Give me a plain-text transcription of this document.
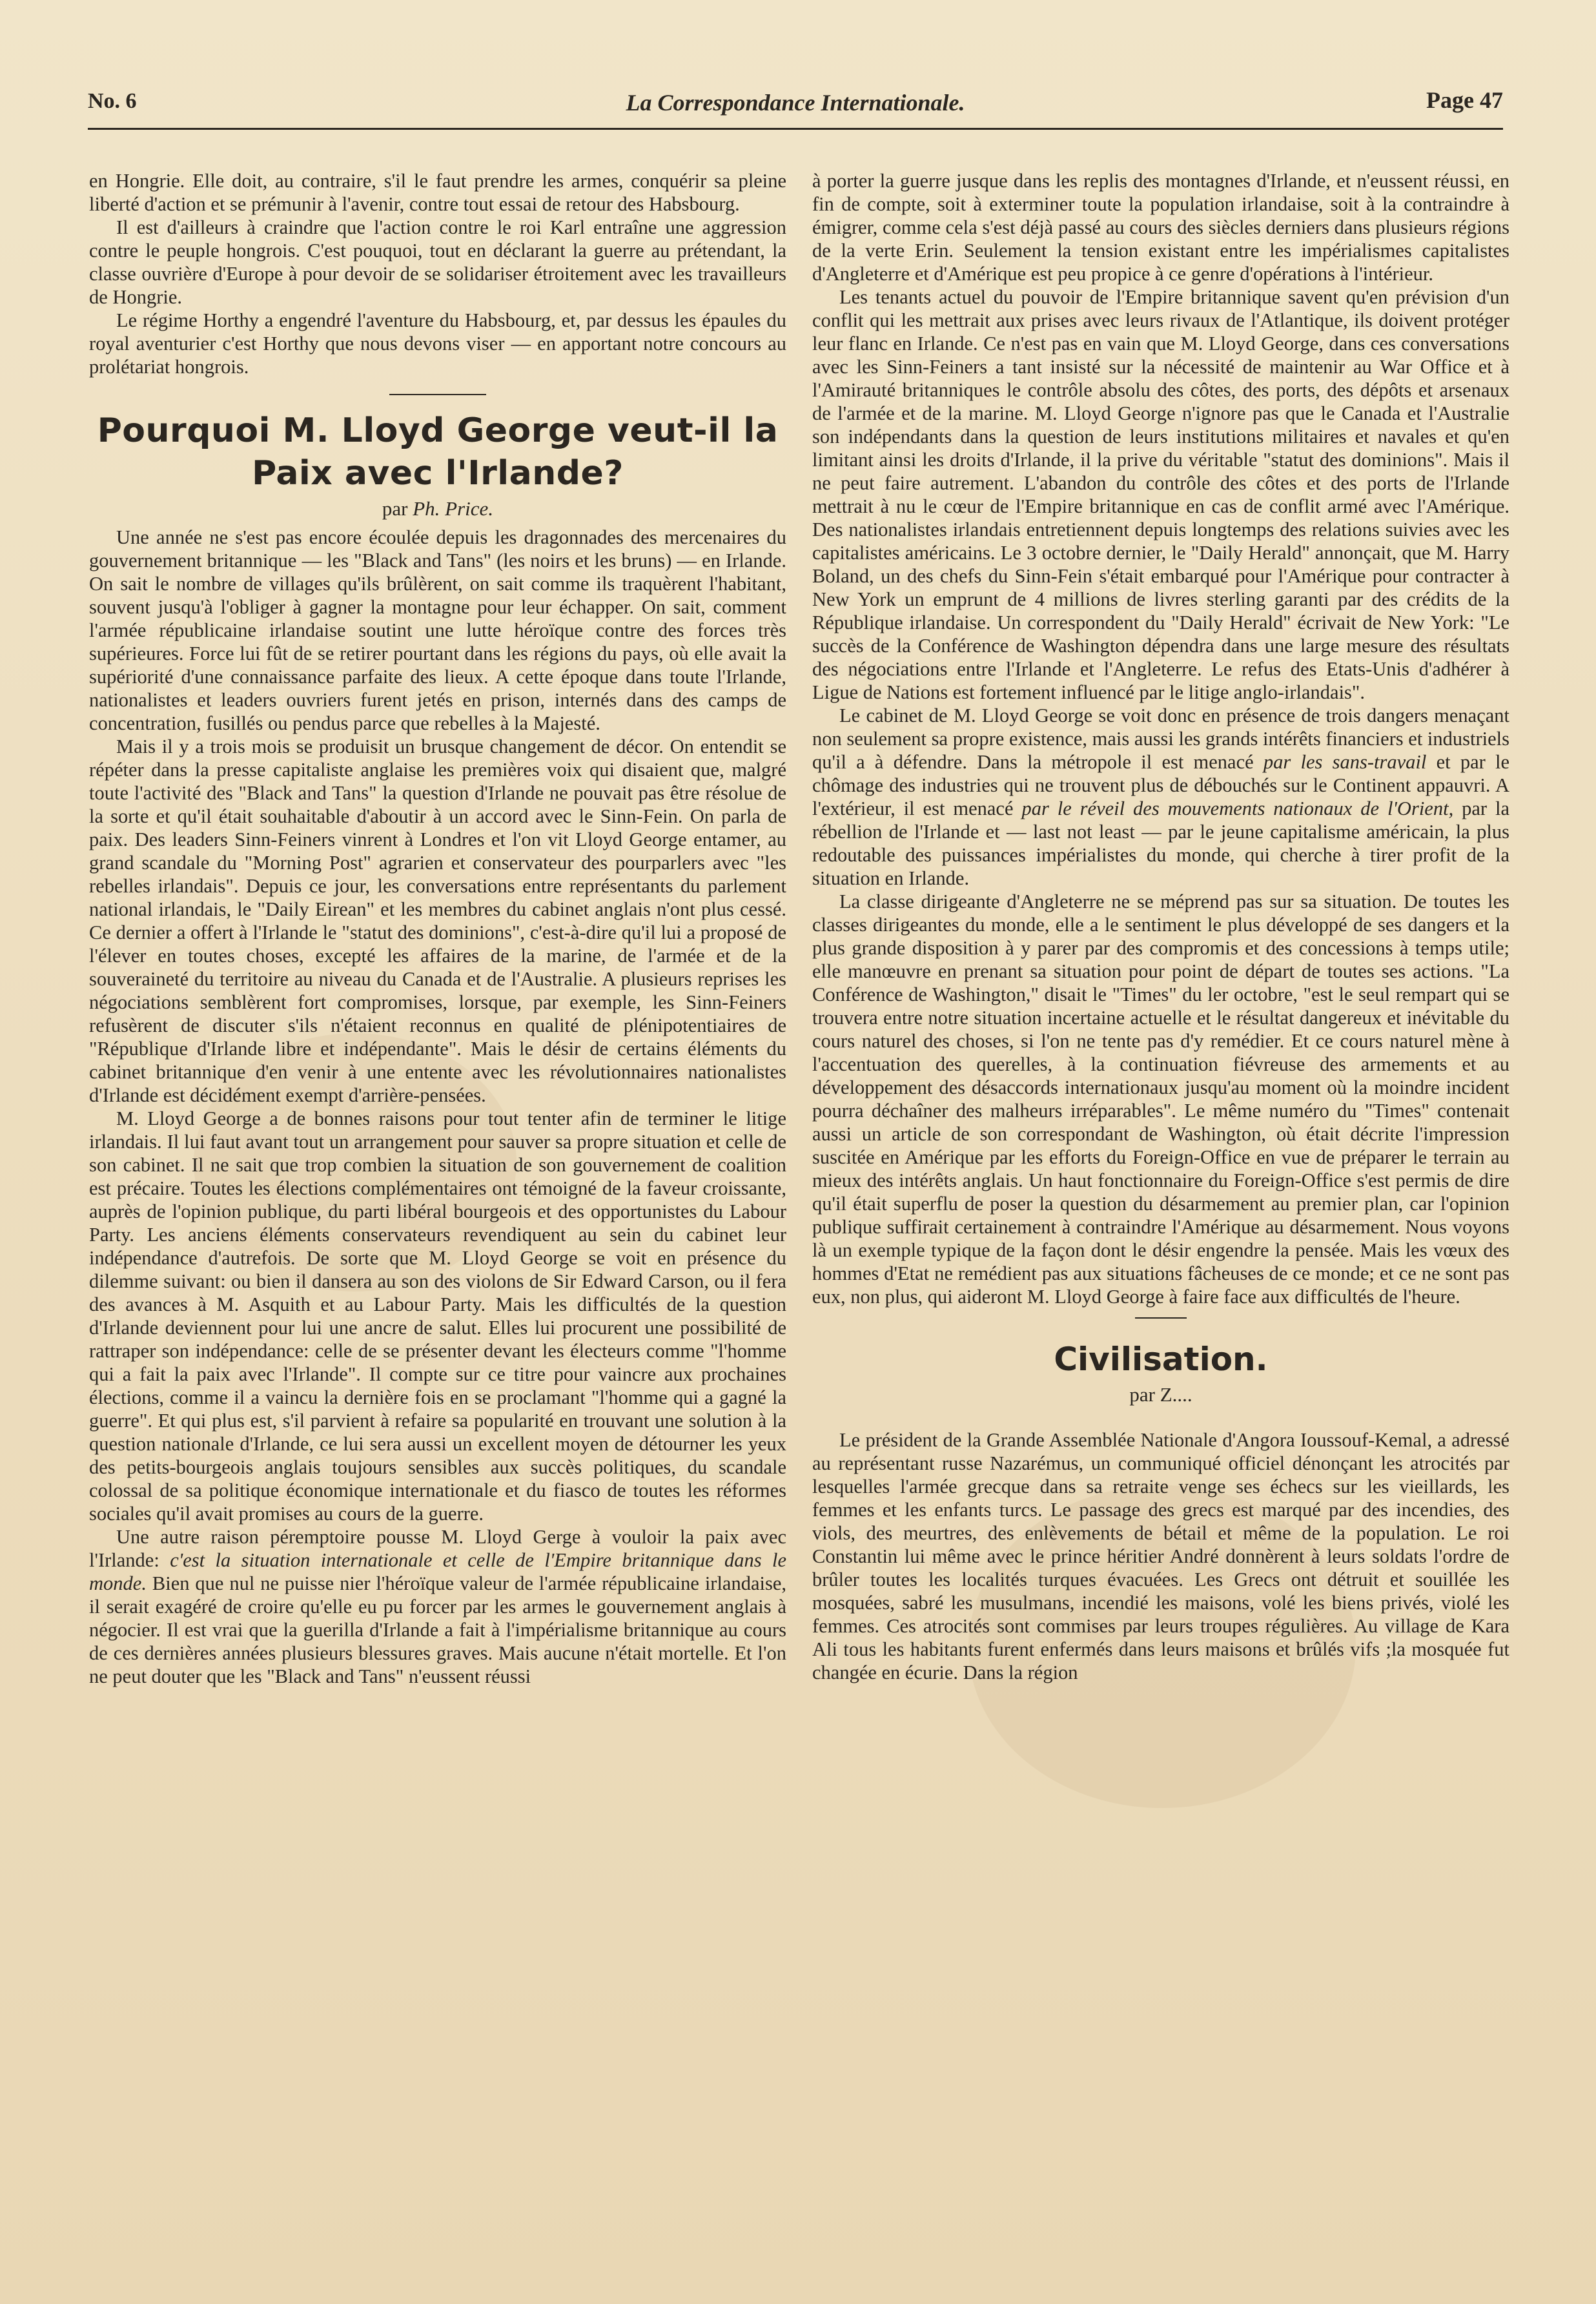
No. 6	La Correspondance Internationale.	Page 47

en Hongrie. Elle doit, au contraire, s'il le faut prendre les armes, conquérir sa pleine liberté d'action et se prémunir à l'avenir, contre tout essai de retour des Habsbourg.

Il est d'ailleurs à craindre que l'action contre le roi Karl entraîne une aggression contre le peuple hongrois. C'est pouquoi, tout en déclarant la guerre au prétendant, la classe ouvrière d'Europe à pour devoir de se solidariser étroitement avec les travailleurs de Hongrie.

Le régime Horthy a engendré l'aventure du Habsbourg, et, par dessus les épaules du royal aventurier c'est Horthy que nous devons viser — en apportant notre concours au prolétariat hongrois.

Pourquoi M. Lloyd George veut-il la Paix avec l'Irlande?
par Ph. Price.

Une année ne s'est pas encore écoulée depuis les dragonnades des mercenaires du gouvernement britannique — les "Black and Tans" (les noirs et les bruns) — en Irlande. On sait le nombre de villages qu'ils brûlèrent, on sait comme ils traquèrent l'habitant, souvent jusqu'à l'obliger à gagner la montagne pour leur échapper. On sait, comment l'armée républicaine irlandaise soutint une lutte héroïque contre des forces très supérieures. Force lui fût de se retirer pourtant dans les régions du pays, où elle avait la supériorité d'une connaissance parfaite des lieux. A cette époque dans toute l'Irlande, nationalistes et leaders ouvriers furent jetés en prison, internés dans des camps de concentration, fusillés ou pendus parce que rebelles à la Majesté.

Mais il y a trois mois se produisit un brusque changement de décor. On entendit se répéter dans la presse capitaliste anglaise les premières voix qui disaient que, malgré toute l'activité des "Black and Tans" la question d'Irlande ne pouvait pas être résolue de la sorte et qu'il était souhaitable d'aboutir à un accord avec le Sinn-Fein. On parla de paix. Des leaders Sinn-Feiners vinrent à Londres et l'on vit Lloyd George entamer, au grand scandale du "Morning Post" agrarien et conservateur des pourparlers avec "les rebelles irlandais". Depuis ce jour, les conversations entre représentants du parlement national irlandais, le "Daily Eirean" et les membres du cabinet anglais n'ont plus cessé. Ce dernier a offert à l'Irlande le "statut des dominions", c'est-à-dire qu'il lui a proposé de l'élever en toutes choses, excepté les affaires de la marine, de l'armée et de la souveraineté du territoire au niveau du Canada et de l'Australie. A plusieurs reprises les négociations semblèrent fort compromises, lorsque, par exemple, les Sinn-Feiners refusèrent de discuter s'ils n'étaient reconnus en qualité de plénipotentiaires de "République d'Irlande libre et indépendante". Mais le désir de certains éléments du cabinet britannique d'en venir à une entente avec les révolutionnaires nationalistes d'Irlande est décidément exempt d'arrière-pensées.

M. Lloyd George a de bonnes raisons pour tout tenter afin de terminer le litige irlandais. Il lui faut avant tout un arrangement pour sauver sa propre situation et celle de son cabinet. Il ne sait que trop combien la situation de son gouvernement de coalition est précaire. Toutes les élections complémentaires ont témoigné de la faveur croissante, auprès de l'opinion publique, du parti libéral bourgeois et des opportunistes du Labour Party. Les anciens éléments conservateurs revendiquent au sein du cabinet leur indépendance d'autrefois. De sorte que M. Lloyd George se voit en présence du dilemme suivant: ou bien il dansera au son des violons de Sir Edward Carson, ou il fera des avances à M. Asquith et au Labour Party. Mais les difficultés de la question d'Irlande deviennent pour lui une ancre de salut. Elles lui procurent une possibilité de rattraper son indépendance: celle de se présenter devant les électeurs comme "l'homme qui a fait la paix avec l'Irlande". Il compte sur ce titre pour vaincre aux prochaines élections, comme il a vaincu la dernière fois en se proclamant "l'homme qui a gagné la guerre". Et qui plus est, s'il parvient à refaire sa popularité en trouvant une solution à la question nationale d'Irlande, ce lui sera aussi un excellent moyen de détourner les yeux des petits-bourgeois anglais toujours sensibles aux succès politiques, du scandale colossal de sa politique économique internationale et du fiasco de toutes les réformes sociales qu'il avait promises au cours de la guerre.

Une autre raison péremptoire pousse M. Lloyd Gerge à vouloir la paix avec l'Irlande: c'est la situation internationale et celle de l'Empire britannique dans le monde. Bien que nul ne puisse nier l'héroïque valeur de l'armée républicaine irlandaise, il serait exagéré de croire qu'elle eu pu forcer par les armes le gouvernement anglais à négocier. Il est vrai que la guerilla d'Irlande a fait à l'impérialisme britannique au cours de ces dernières années plusieurs blessures graves. Mais aucune n'était mortelle. Et l'on ne peut douter que les "Black and Tans" n'eussent réussi

à porter la guerre jusque dans les replis des montagnes d'Irlande, et n'eussent réussi, en fin de compte, soit à exterminer toute la population irlandaise, soit à la contraindre à émigrer, comme cela s'est déjà passé au cours des siècles derniers dans plusieurs régions de la verte Erin. Seulement la tension existant entre les impérialismes capitalistes d'Angleterre et d'Amérique est peu propice à ce genre d'opérations à l'intérieur.

Les tenants actuel du pouvoir de l'Empire britannique savent qu'en prévision d'un conflit qui les mettrait aux prises avec leurs rivaux de l'Atlantique, ils doivent protéger leur flanc en Irlande. Ce n'est pas en vain que M. Lloyd George, dans ces conversations avec les Sinn-Feiners a tant insisté sur la nécessité de maintenir au War Office et à l'Amirauté britanniques le contrôle absolu des côtes, des ports, des dépôts et arsenaux de l'armée et de la marine. M. Lloyd George n'ignore pas que le Canada et l'Australie son indépendants dans la question de leurs institutions militaires et navales et qu'en limitant ainsi les droits d'Irlande, il la prive du véritable "statut des dominions". Mais il ne peut faire autrement. L'abandon du contrôle des côtes et des ports de l'Irlande mettrait à nu le cœur de l'Empire britannique en cas de conflit armé avec l'Amérique. Des nationalistes irlandais entretiennent depuis longtemps des relations suivies avec les capitalistes américains. Le 3 octobre dernier, le "Daily Herald" annonçait, que M. Harry Boland, un des chefs du Sinn-Fein s'était embarqué pour l'Amérique pour contracter à New York un emprunt de 4 millions de livres sterling garanti par des crédits de la République irlandaise. Un correspondent du "Daily Herald" écrivait de New York: "Le succès de la Conférence de Washington dépendra dans une large mesure des résultats des négociations entre l'Irlande et l'Angleterre. Le refus des Etats-Unis d'adhérer à Ligue de Nations est fortement influencé par le litige anglo-irlandais".

Le cabinet de M. Lloyd George se voit donc en présence de trois dangers menaçant non seulement sa propre existence, mais aussi les grands intérêts financiers et industriels qu'il a à défendre. Dans la métropole il est menacé par les sans-travail et par le chômage des industries qui ne trouvent plus de débouchés sur le Continent appauvri. A l'extérieur, il est menacé par le réveil des mouvements nationaux de l'Orient, par la rébellion de l'Irlande et — last not least — par le jeune capitalisme américain, la plus redoutable des puissances impérialistes du monde, qui cherche à tirer profit de la situation en Irlande.

La classe dirigeante d'Angleterre ne se méprend pas sur sa situation. De toutes les classes dirigeantes du monde, elle a le sentiment le plus développé de ses dangers et la plus grande disposition à y parer par des compromis et des concessions à temps utile; elle manœuvre en prenant sa situation pour point de départ de toutes ses actions. "La Conférence de Washington," disait le "Times" du ler octobre, "est le seul rempart qui se trouvera entre notre situation incertaine actuelle et le résultat dangereux et inévitable du cours naturel des choses, si l'on ne tente pas d'y remédier. Et ce cours naturel mène à l'accentuation des querelles, à la continuation fiévreuse des armements et au développement des désaccords internationaux jusqu'au moment où la moindre incident pourra déchaîner des malheurs irréparables". Le même numéro du "Times" contenait aussi un article de son correspondant de Washington, où était décrite l'impression suscitée en Amérique par les efforts du Foreign-Office en vue de préparer le terrain au mieux des intérêts anglais. Un haut fonctionnaire du Foreign-Office s'est permis de dire qu'il était superflu de poser la question du désarmement au premier plan, car l'opinion publique suffirait certainement à contraindre l'Amérique au désarmement. Nous voyons là un exemple typique de la façon dont le désir engendre la pensée. Mais les vœux des hommes d'Etat ne remédient pas aux situations fâcheuses de ce monde; et ce ne sont pas eux, non plus, qui aideront M. Lloyd George à faire face aux difficultés de l'heure.

Civilisation.
par Z....

Le président de la Grande Assemblée Nationale d'Angora Ioussouf-Kemal, a adressé au représentant russe Nazarémus, un communiqué officiel dénonçant les atrocités par lesquelles l'armée grecque dans sa retraite venge ses échecs sur les vieillards, les femmes et les enfants turcs. Le passage des grecs est marqué par des incendies, des viols, des meurtres, des enlèvements de bétail et même de la population. Le roi Constantin lui même avec le prince héritier André donnèrent à leurs soldats l'ordre de brûler toutes les localités turques évacuées. Les Grecs ont détruit et souillée les mosquées, sabré les musulmans, incendié les maisons, volé les biens privés, violé les femmes. Ces atrocités sont commises par leurs troupes régulières. Au village de Kara Ali tous les habitants furent enfermés dans leurs maisons et brûlés vifs ;la mosquée fut changée en écurie. Dans la région
